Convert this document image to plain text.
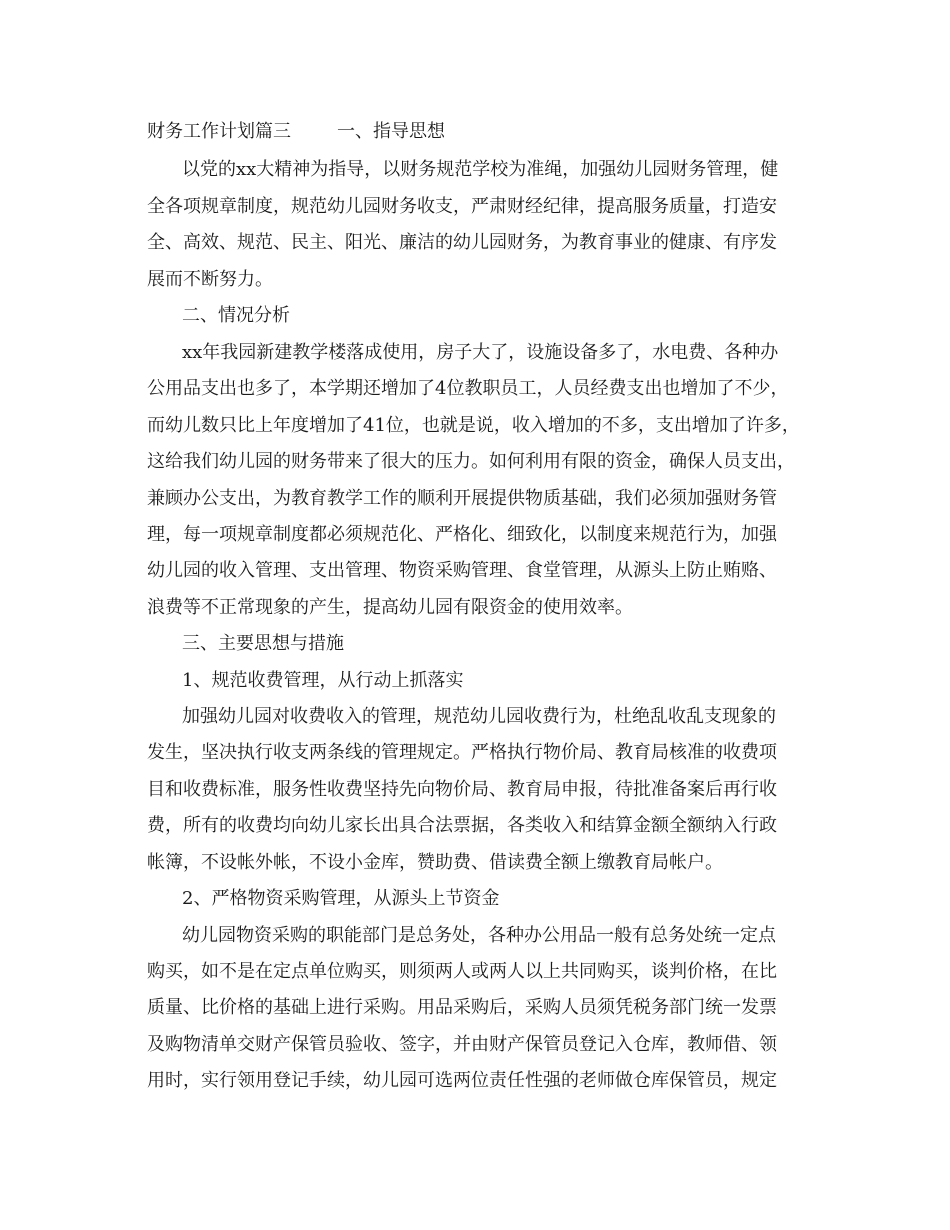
财务工作计划篇三	一、指导思想
以党的xx大精神为指导，以财务规范学校为准绳，加强幼儿园财务管理，健
全各项规章制度，规范幼儿园财务收支，严肃财经纪律，提高服务质量，打造安
全、高效、规范、民主、阳光、廉洁的幼儿园财务，为教育事业的健康、有序发
展而不断努力。
二、情况分析
xx年我园新建教学楼落成使用，房子大了，设施设备多了，水电费、各种办
公用品支出也多了，本学期还增加了4位教职员工，人员经费支出也增加了不少，
而幼儿数只比上年度增加了41位，也就是说，收入增加的不多，支出增加了许多，
这给我们幼儿园的财务带来了很大的压力。如何利用有限的资金，确保人员支出，
兼顾办公支出，为教育教学工作的顺利开展提供物质基础，我们必须加强财务管
理，每一项规章制度都必须规范化、严格化、细致化，以制度来规范行为，加强
幼儿园的收入管理、支出管理、物资采购管理、食堂管理，从源头上防止贿赂、
浪费等不正常现象的产生，提高幼儿园有限资金的使用效率。
三、主要思想与措施
1、规范收费管理，从行动上抓落实
加强幼儿园对收费收入的管理，规范幼儿园收费行为，杜绝乱收乱支现象的
发生，坚决执行收支两条线的管理规定。严格执行物价局、教育局核准的收费项
目和收费标准，服务性收费坚持先向物价局、教育局申报，待批准备案后再行收
费，所有的收费均向幼儿家长出具合法票据，各类收入和结算金额全额纳入行政
帐簿，不设帐外帐，不设小金库，赞助费、借读费全额上缴教育局帐户。
2、严格物资采购管理，从源头上节资金
幼儿园物资采购的职能部门是总务处，各种办公用品一般有总务处统一定点
购买，如不是在定点单位购买，则须两人或两人以上共同购买，谈判价格，在比
质量、比价格的基础上进行采购。用品采购后，采购人员须凭税务部门统一发票
及购物清单交财产保管员验收、签字，并由财产保管员登记入仓库，教师借、领
用时，实行领用登记手续，幼儿园可选两位责任性强的老师做仓库保管员，规定
